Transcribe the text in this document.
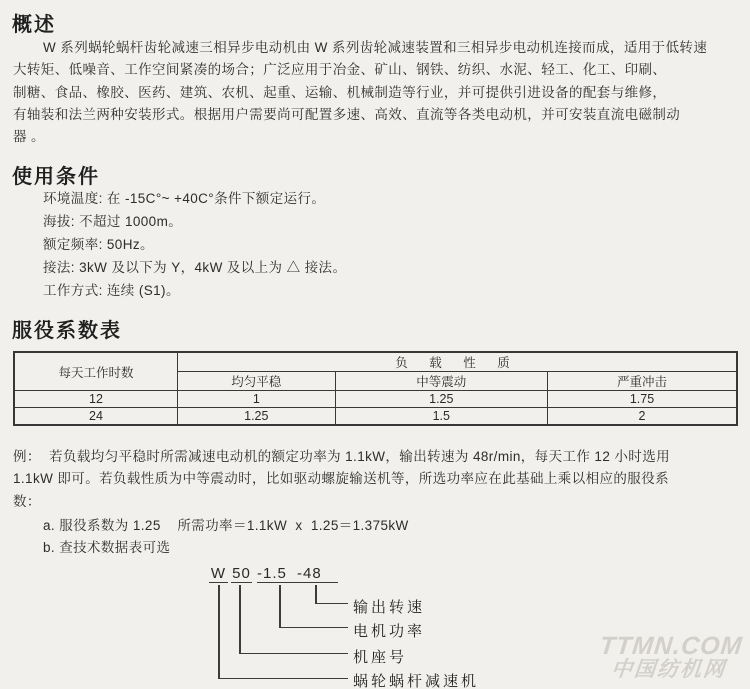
概述
W 系列蜗轮蜗杆齿轮减速三相异步电动机由 W 系列齿轮减速装置和三相异步电动机连接而成，适用于低转速
大转矩、低噪音、工作空间紧凑的场合；广泛应用于冶金、矿山、钢铁、纺织、水泥、轻工、化工、印刷、
制糖、食品、橡胶、医药、建筑、农机、起重、运输、机械制造等行业，并可提供引进设备的配套与维修，
有轴装和法兰两种安装形式。根据用户需要尚可配置多速、高效、直流等各类电动机，并可安装直流电磁制动
器 。
使用条件
环境温度: 在 -15C°~ +40C°条件下额定运行。
海拔: 不超过 1000m。
额定频率: 50Hz。
接法: 3kW 及以下为 Y，4kW 及以上为 △ 接法。
工作方式: 连续 (S1)。
服役系数表
每天工作时数	负 载 性 质		
	均匀平稳	中等震动	严重冲击
12	1	1.25	1.75
24	1.25	1.5	2
例：  若负载均匀平稳时所需减速电动机的额定功率为 1.1kW，输出转速为 48r/min，每天工作 12 小时选用
1.1kW 即可。若负载性质为中等震动时，比如驱动螺旋输送机等，所选功率应在此基础上乘以相应的服役系
数：
a. 服役系数为 1.25    所需功率＝1.1kW  x  1.25＝1.375kW
b. 查技术数据表可选
W 50 -1.5 -48
输出转速
电机功率
机座号
蜗轮蜗杆减速机
TTMN.COM
中国纺机网
